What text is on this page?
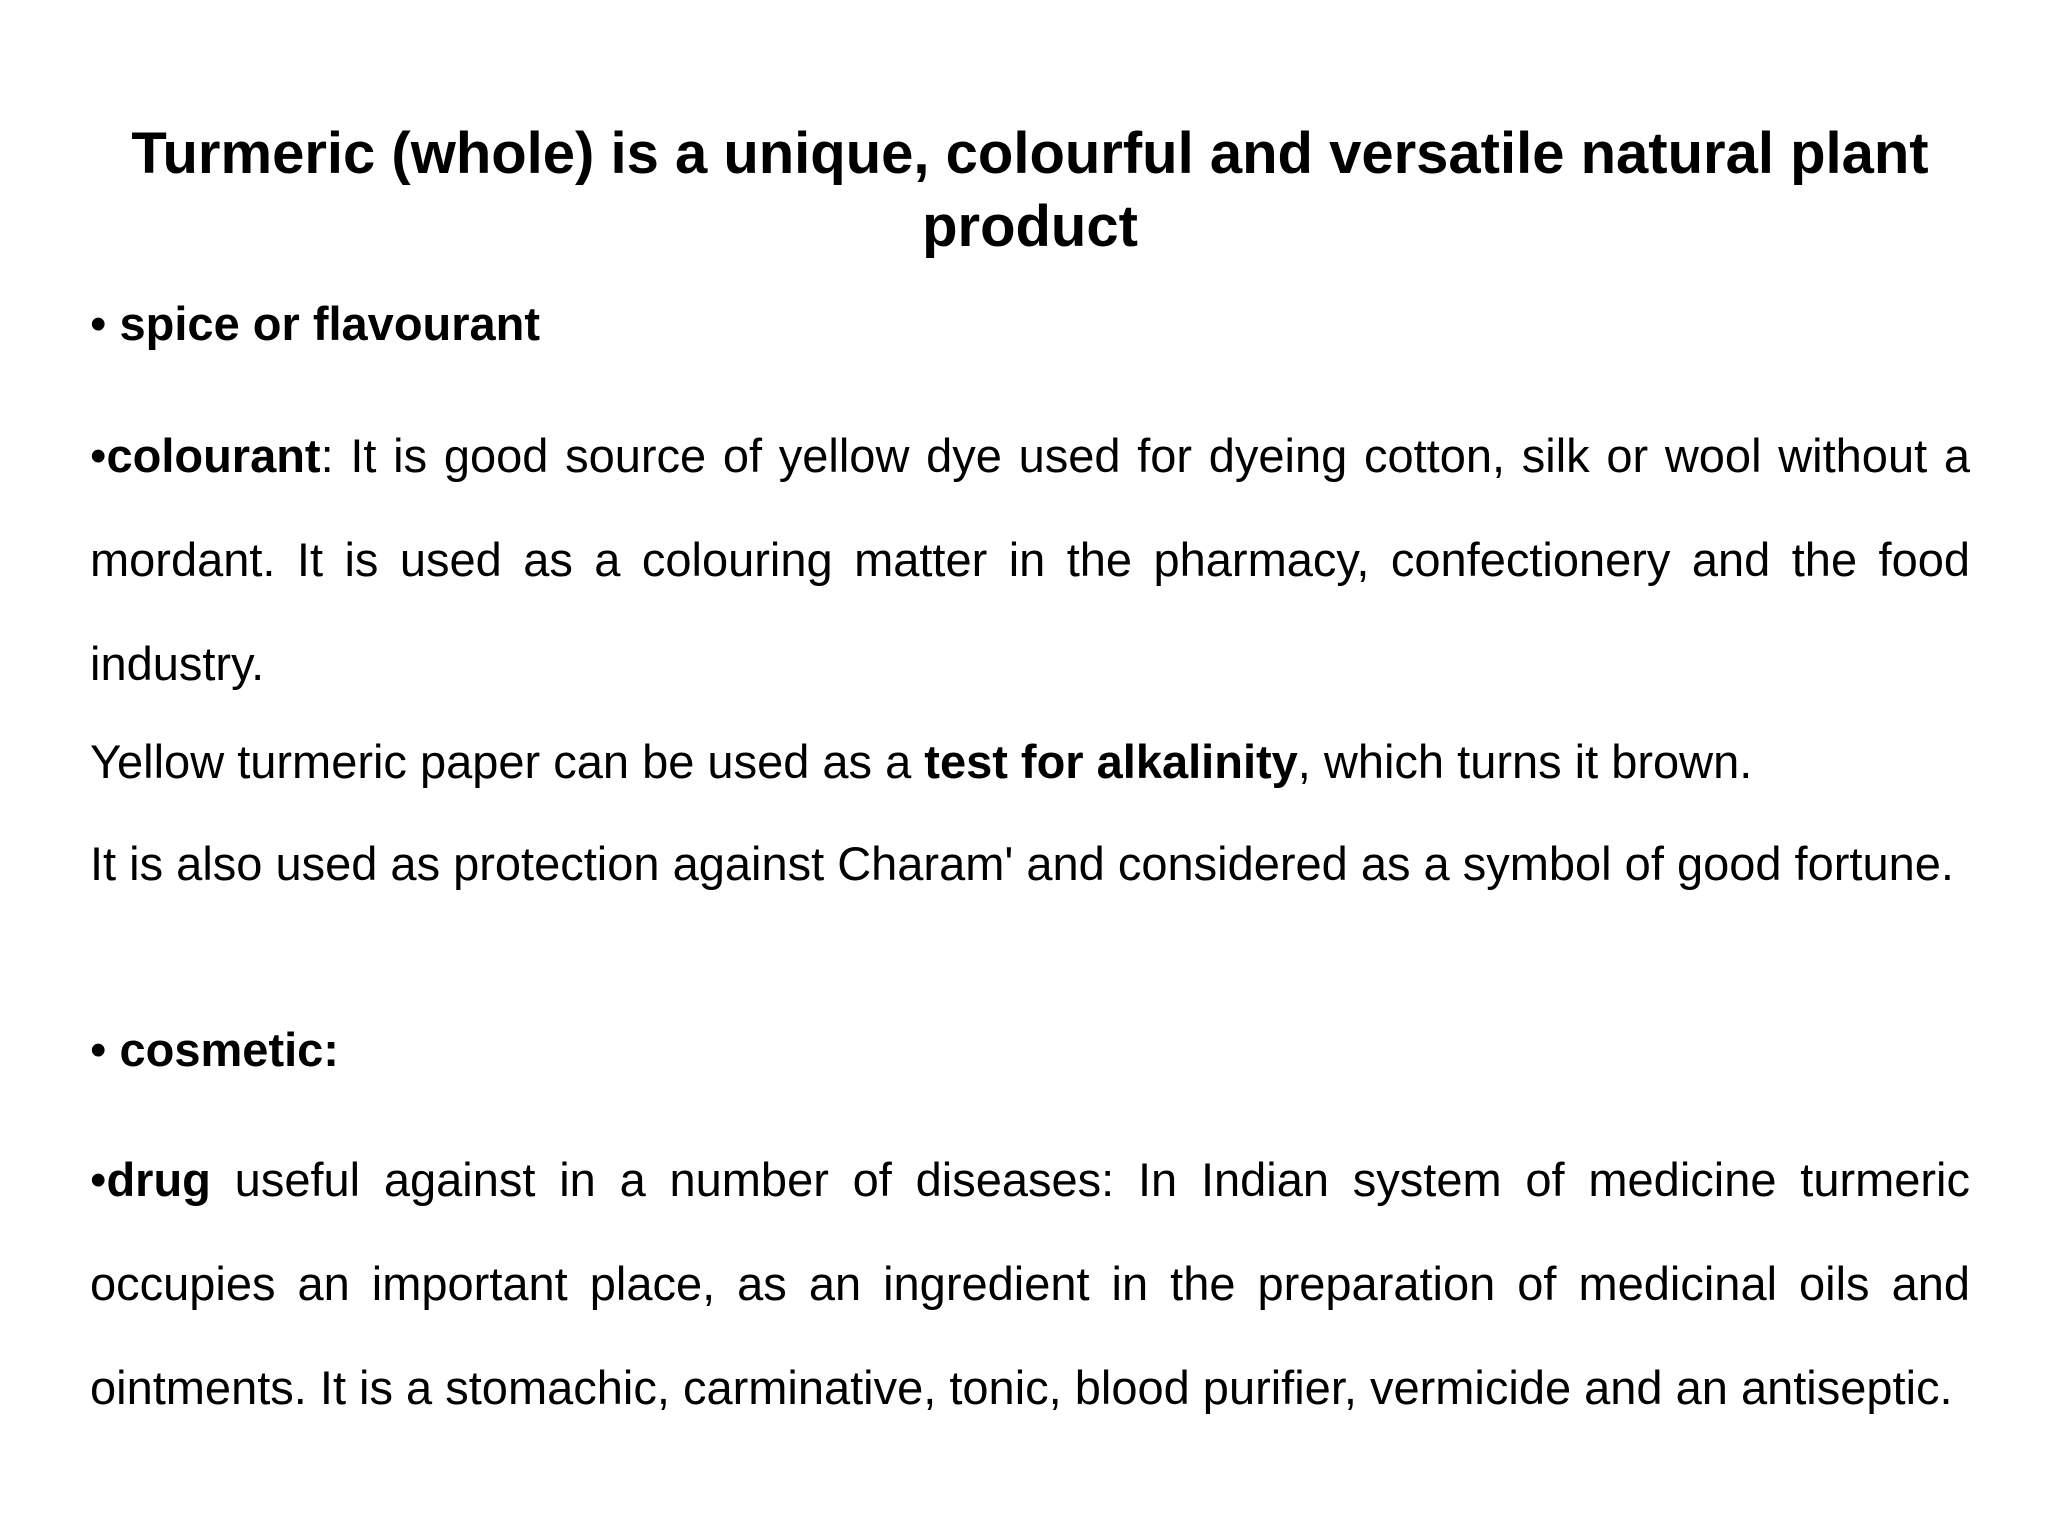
Turmeric (whole) is a unique, colourful and versatile natural plant product

• spice or flavourant

•colourant: It is good source of yellow dye used for dyeing cotton, silk or wool without a mordant. It is used as a colouring matter in the pharmacy, confectionery and the food industry.

Yellow turmeric paper can be used as a test for alkalinity, which turns it brown.

It is also used as protection against Charam' and considered as a symbol of good fortune.

• cosmetic:

•drug useful against in a number of diseases: In Indian system of medicine turmeric occupies an important place, as an ingredient in the preparation of medicinal oils and ointments. It is a stomachic, carminative, tonic, blood purifier, vermicide and an antiseptic.
